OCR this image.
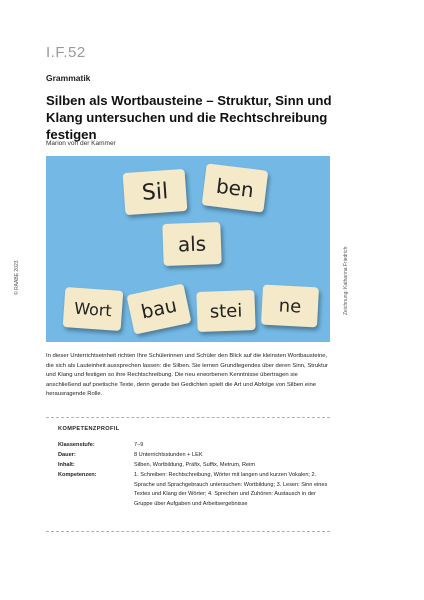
I.F.52
Grammatik
Silben als Wortbausteine – Struktur, Sinn und Klang untersuchen und die Rechtschreibung festigen
Marion von der Kammer
© RAABE 2023	Zeichnung: Katharina Friedrich
Sil	ben
als
Wort	bau	stei	ne
In dieser Unterrichtseinheit richten Ihre Schülerinnen und Schüler den Blick auf die kleinsten Wortbausteine, die sich als Lauteinheit aussprechen lassen: die Silben. Sie lernen Grundlegendes über deren Sinn, Struktur und Klang und festigen so ihre Rechtschreibung. Die neu erworbenen Kenntnisse übertragen sie anschließend auf poetische Texte, denn gerade bei Gedichten spielt die Art und Abfolge von Silben eine herausragende Rolle.
KOMPETENZPROFIL
Klassenstufe:	7–9
Dauer:	8 Unterrichtsstunden + LEK
Inhalt:	Silben, Wortbildung, Präfix, Suffix, Metrum, Reim
Kompetenzen:	1. Schreiben: Rechtschreibung, Wörter mit langen und kurzen Vokalen; 2. Sprache und Sprachgebrauch untersuchen: Wortbildung; 3. Lesen: Sinn eines Textes und Klang der Wörter; 4. Sprechen und Zuhören: Austausch in der Gruppe über Aufgaben und Arbeitsergebnisse
